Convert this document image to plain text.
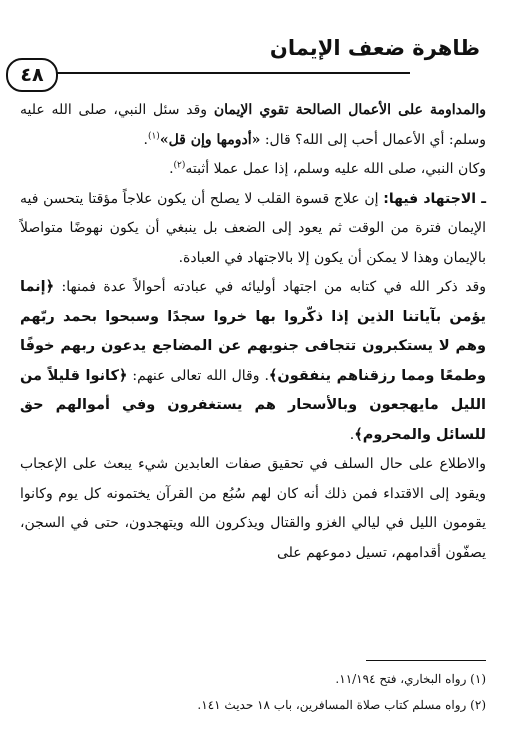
ظاهرة ضعف الإيمان
٤٨

والمداومة على الأعمال الصالحة تقوي الإيمان وقد سئل النبي، صلى الله عليه وسلم: أي الأعمال أحب إلى الله؟ قال: «أدومها وإن قل»$^{(١)}$.

وكان النبي، صلى الله عليه وسلم، إذا عمل عملا أثبته$^{(٢)}$.

ـ الاجتهاد فيها: إن علاج قسوة القلب لا يصلح أن يكون علاجاً مؤقتا يتحسن فيه الإيمان فترة من الوقت ثم يعود إلى الضعف بل ينبغي أن يكون نهوضًا متواصلاً بالإيمان وهذا لا يمكن أن يكون إلا بالاجتهاد في العبادة.

وقد ذكر الله في كتابه من اجتهاد أوليائه في عبادته أحوالاً عدة فمنها: ﴿إنما يؤمن بآياتنا الذين إذا ذكّروا بها خروا سجدًا وسبحوا بحمد ربّهم وهم لا يستكبرون تتجافى جنوبهم عن المضاجع يدعون ربهم خوفًا وطمعًا ومما رزقناهم ينفقون﴾. وقال الله تعالى عنهم: ﴿كانوا قليلاً من الليل مايهجعون وبالأسحار هم يستغفرون وفي أموالهم حق للسائل والمحروم﴾.

والاطلاع على حال السلف في تحقيق صفات العابدين شيء يبعث على الإعجاب ويقود إلى الاقتداء فمن ذلك أنه كان لهم سُبُع من القرآن يختمونه كل يوم وكانوا يقومون الليل في ليالي الغزو والقتال ويذكرون الله ويتهجدون، حتى في السجن، يصفّون أقدامهم، تسيل دموعهم على

(١) رواه البخاري، فتح ١١/١٩٤.

(٢) رواه مسلم كتاب صلاة المسافرين، باب ١٨ حديث ١٤١.
